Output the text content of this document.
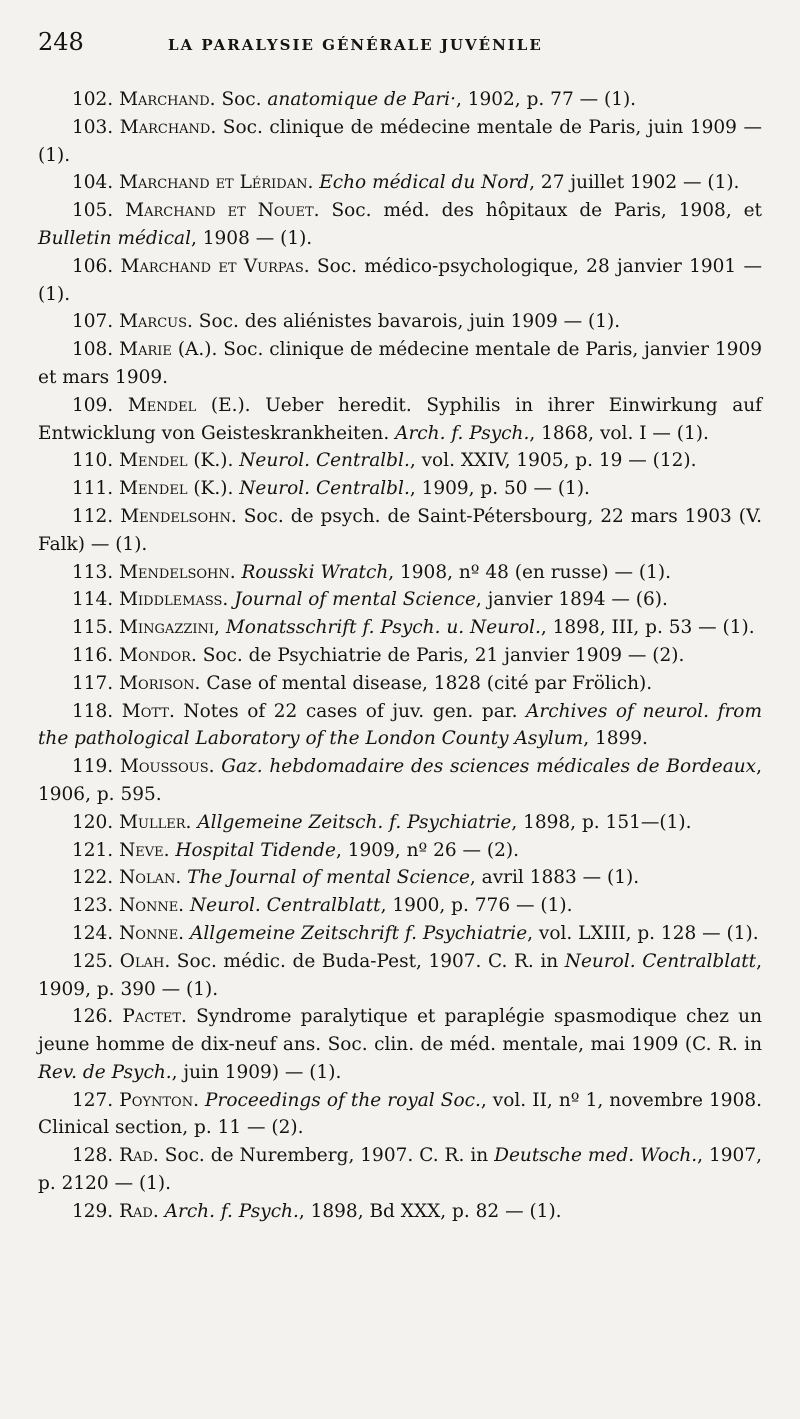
248	LA PARALYSIE GÉNÉRALE JUVÉNILE

102. Marchand. Soc. anatomique de Pari·, 1902, p. 77 — (1).

103. Marchand. Soc. clinique de médecine mentale de Paris, juin 1909 — (1).

104. Marchand et Léridan. Echo médical du Nord, 27 juillet 1902 — (1).

105. Marchand et Nouet. Soc. méd. des hôpitaux de Paris, 1908, et Bulletin médical, 1908 — (1).

106. Marchand et Vurpas. Soc. médico-psychologique, 28 janvier 1901 — (1).

107. Marcus. Soc. des aliénistes bavarois, juin 1909 — (1).

108. Marie (A.). Soc. clinique de médecine mentale de Paris, janvier 1909 et mars 1909.

109. Mendel (E.). Ueber heredit. Syphilis in ihrer Einwirkung auf Entwicklung von Geisteskrankheiten. Arch. f. Psych., 1868, vol. I — (1).

110. Mendel (K.). Neurol. Centralbl., vol. XXIV, 1905, p. 19 — (12).

111. Mendel (K.). Neurol. Centralbl., 1909, p. 50 — (1).

112. Mendelsohn. Soc. de psych. de Saint-Pétersbourg, 22 mars 1903 (V. Falk) — (1).

113. Mendelsohn. Rousski Wratch, 1908, nº 48 (en russe) — (1).

114. Middlemass. Journal of mental Science, janvier 1894 — (6).

115. Mingazzini, Monatsschrift f. Psych. u. Neurol., 1898, III, p. 53 — (1).

116. Mondor. Soc. de Psychiatrie de Paris, 21 janvier 1909 — (2).

117. Morison. Case of mental disease, 1828 (cité par Frölich).

118. Mott. Notes of 22 cases of juv. gen. par. Archives of neurol. from the pathological Laboratory of the London County Asylum, 1899.

119. Moussous. Gaz. hebdomadaire des sciences médicales de Bordeaux, 1906, p. 595.

120. Muller. Allgemeine Zeitsch. f. Psychiatrie, 1898, p. 151—(1).

121. Neve. Hospital Tidende, 1909, nº 26 — (2).

122. Nolan. The Journal of mental Science, avril 1883 — (1).

123. Nonne. Neurol. Centralblatt, 1900, p. 776 — (1).

124. Nonne. Allgemeine Zeitschrift f. Psychiatrie, vol. LXIII, p. 128 — (1).

125. Olah. Soc. médic. de Buda-Pest, 1907. C. R. in Neurol. Centralblatt, 1909, p. 390 — (1).

126. Pactet. Syndrome paralytique et paraplégie spasmodique chez un jeune homme de dix-neuf ans. Soc. clin. de méd. mentale, mai 1909 (C. R. in Rev. de Psych., juin 1909) — (1).

127. Poynton. Proceedings of the royal Soc., vol. II, nº 1, novembre 1908. Clinical section, p. 11 — (2).

128. Rad. Soc. de Nuremberg, 1907. C. R. in Deutsche med. Woch., 1907, p. 2120 — (1).

129. Rad. Arch. f. Psych., 1898, Bd XXX, p. 82 — (1).
